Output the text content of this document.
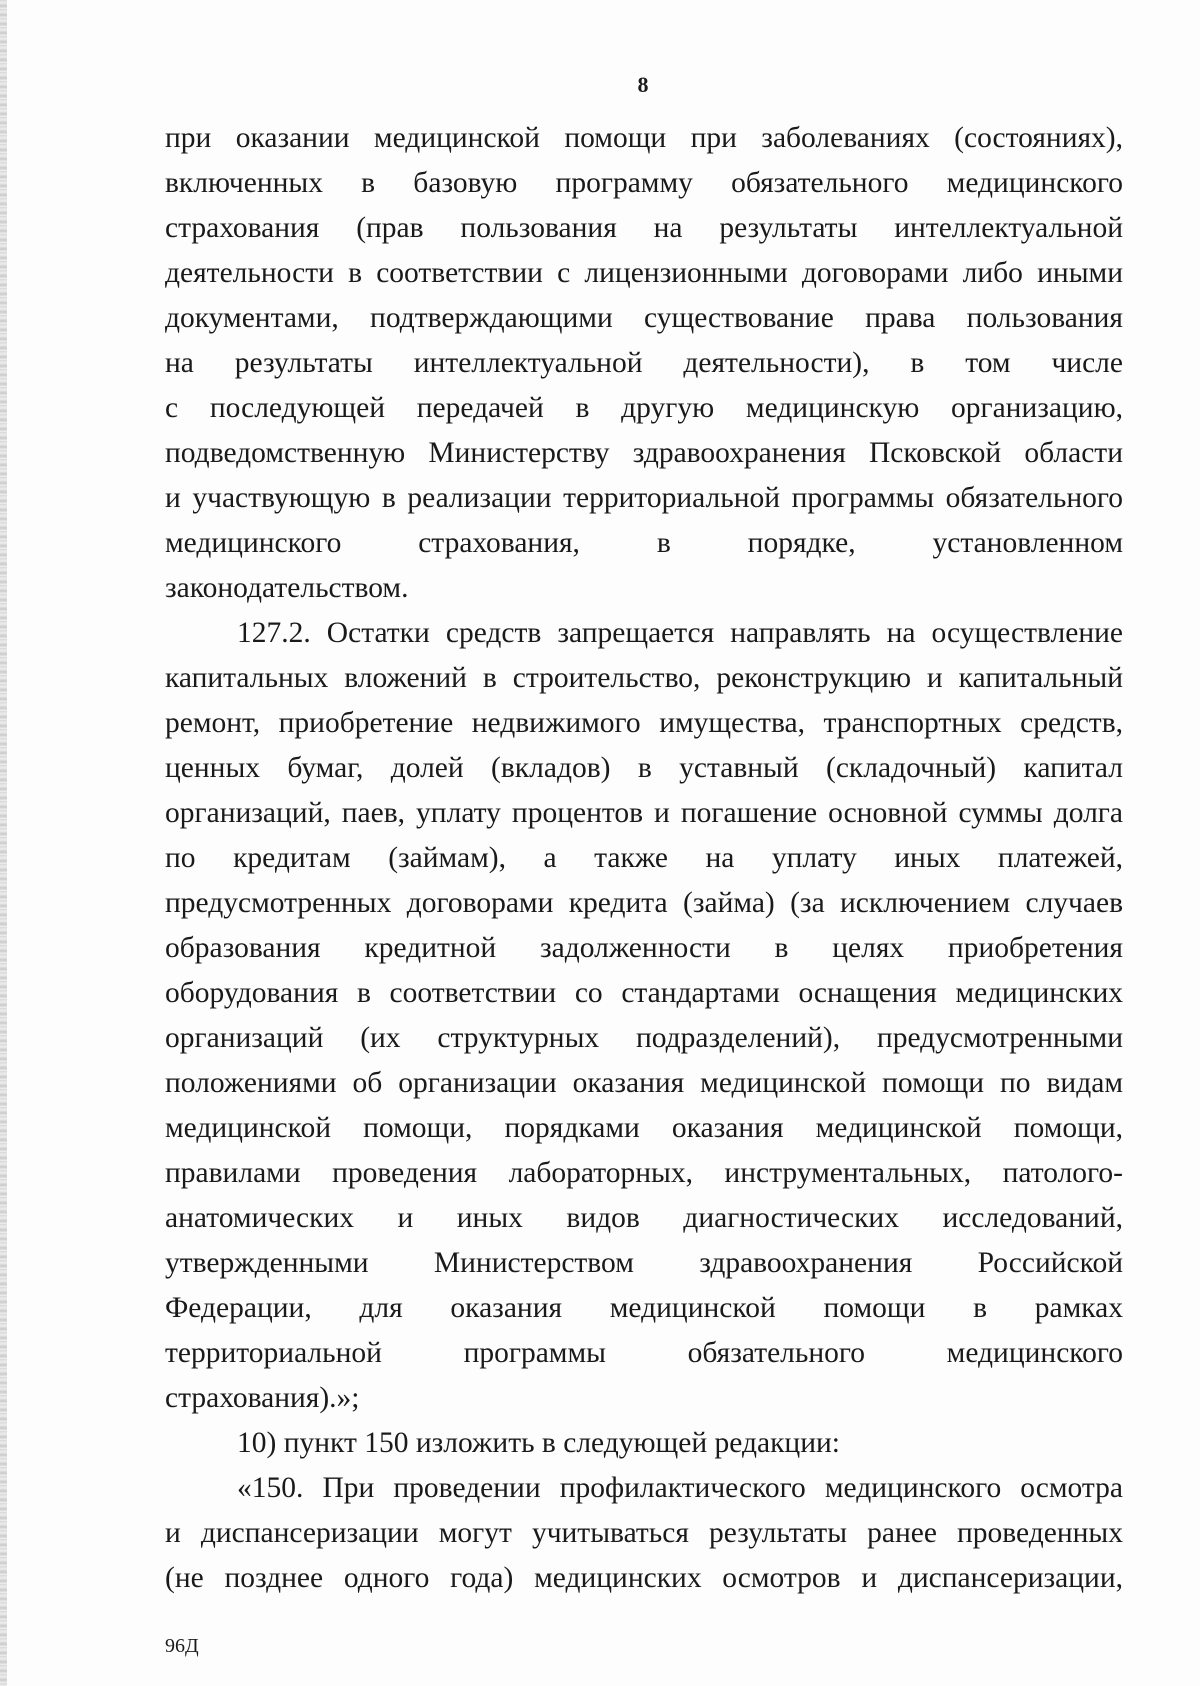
8
при оказании медицинской помощи при заболеваниях (состояниях),
включенных в базовую программу обязательного медицинского
страхования (прав пользования на результаты интеллектуальной
деятельности в соответствии с лицензионными договорами либо иными
документами, подтверждающими существование права пользования
на результаты интеллектуальной деятельности), в том числе
с последующей передачей в другую медицинскую организацию,
подведомственную Министерству здравоохранения Псковской области
и участвующую в реализации территориальной программы обязательного
медицинского страхования, в порядке, установленном
законодательством.
127.2. Остатки средств запрещается направлять на осуществление
капитальных вложений в строительство, реконструкцию и капитальный
ремонт, приобретение недвижимого имущества, транспортных средств,
ценных бумаг, долей (вкладов) в уставный (складочный) капитал
организаций, паев, уплату процентов и погашение основной суммы долга
по кредитам (займам), а также на уплату иных платежей,
предусмотренных договорами кредита (займа) (за исключением случаев
образования кредитной задолженности в целях приобретения
оборудования в соответствии со стандартами оснащения медицинских
организаций (их структурных подразделений), предусмотренными
положениями об организации оказания медицинской помощи по видам
медицинской помощи, порядками оказания медицинской помощи,
правилами проведения лабораторных, инструментальных, патолого-
анатомических и иных видов диагностических исследований,
утвержденными Министерством здравоохранения Российской
Федерации, для оказания медицинской помощи в рамках
территориальной программы обязательного медицинского
страхования).»;
10) пункт 150 изложить в следующей редакции:
«150. При проведении профилактического медицинского осмотра
и диспансеризации могут учитываться результаты ранее проведенных
(не позднее одного года) медицинских осмотров и диспансеризации,
96Д
